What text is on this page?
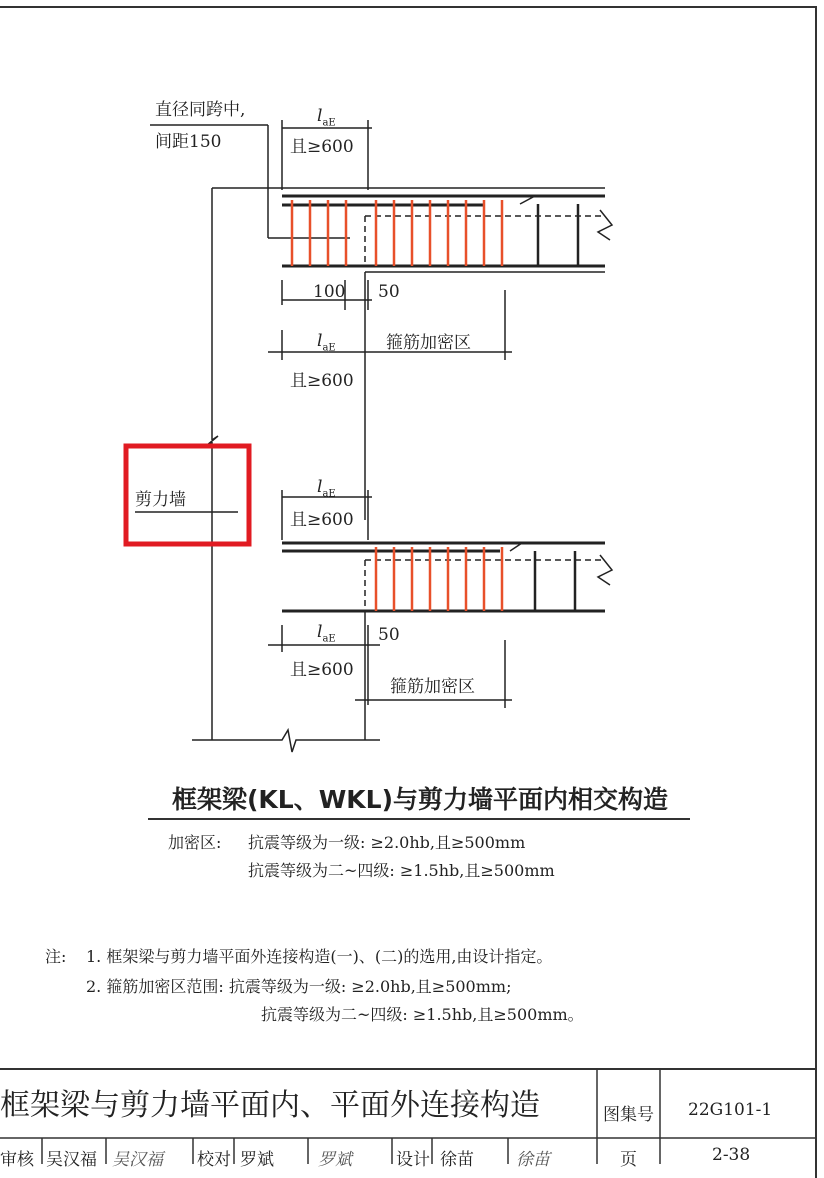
直径同跨中,
间距150
$l_{aE}$
且≥600
100 50
$l_{aE}$
且≥600
箍筋加密区
剪力墙
$l_{aE}$
且≥600
$l_{aE}$
且≥600
50
箍筋加密区
框架梁(KL、WKL)与剪力墙平面内相交构造
加密区: 抗震等级为一级: ≥2.0hb,且≥500mm
抗震等级为二~四级: ≥1.5hb,且≥500mm
注: 1. 框架梁与剪力墙平面外连接构造(一)、(二)的选用,由设计指定。
2. 箍筋加密区范围: 抗震等级为一级: ≥2.0hb,且≥500mm;
抗震等级为二~四级: ≥1.5hb,且≥500mm。
框架梁与剪力墙平面内、平面外连接构造	图集号 22G101-1
审核 吴汉福 吴汉福 校对 罗斌	罗斌	设计 徐苗 徐苗	页	2-38
